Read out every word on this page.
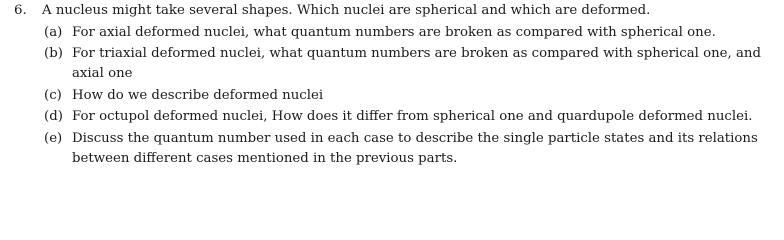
6.	A nucleus might take several shapes. Which nuclei are spherical and which are deformed.
(a) For axial deformed nuclei, what quantum numbers are broken as compared with spherical one.
(b) For triaxial deformed nuclei, what quantum numbers are broken as compared with spherical one, and axial one
(c) How do we describe deformed nuclei
(d) For octupol deformed nuclei, How does it differ from spherical one and quardupole deformed nuclei.
(e) Discuss the quantum number used in each case to describe the single particle states and its relations between different cases mentioned in the previous parts.
